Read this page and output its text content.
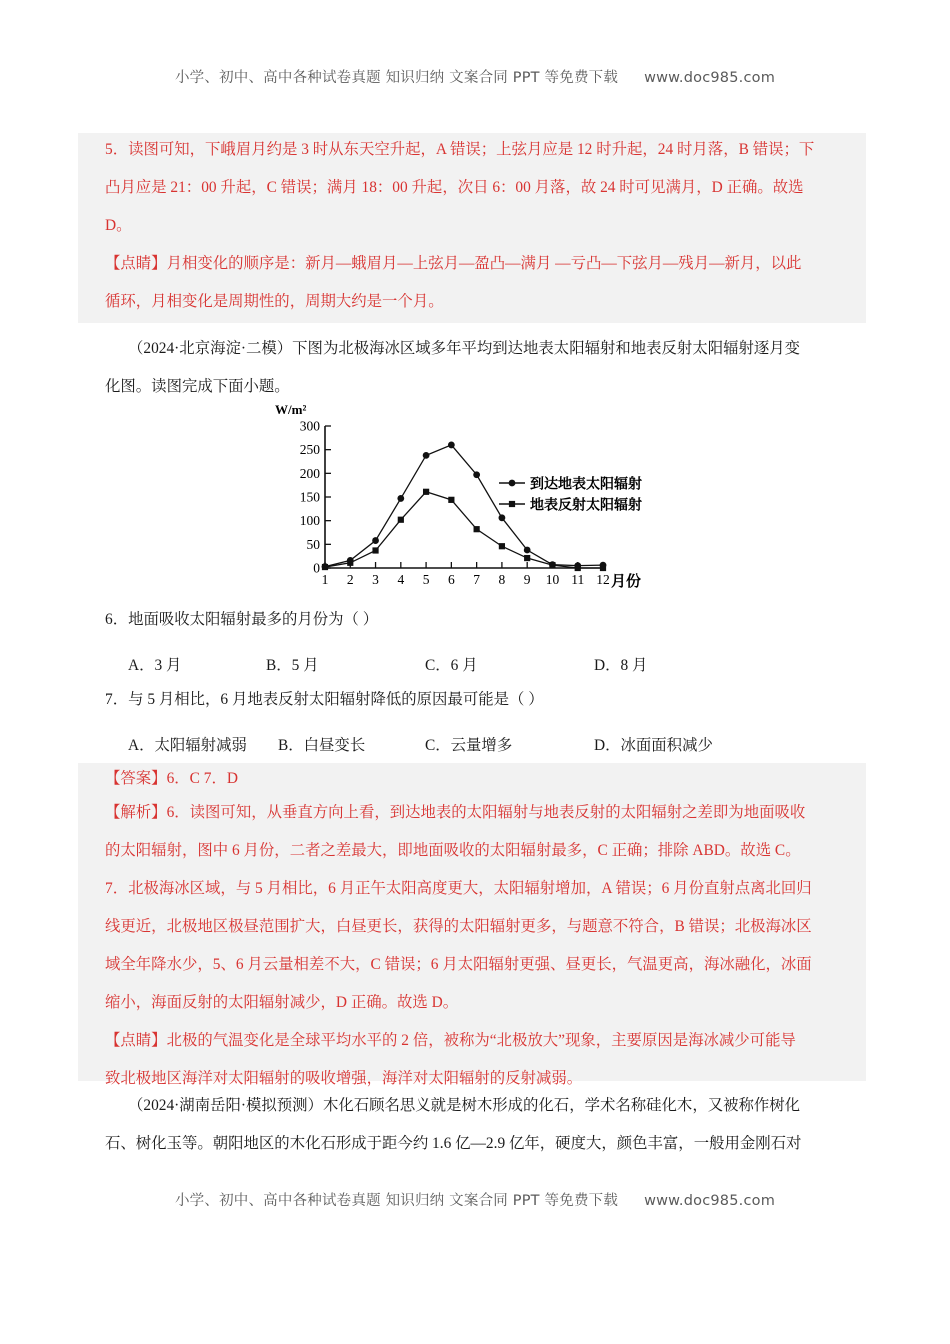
小学、初中、高中各种试卷真题 知识归纳 文案合同 PPT 等免费下载 www.doc985.com
5．读图可知，下峨眉月约是 3 时从东天空升起，A 错误；上弦月应是 12 时升起，24 时月落，B 错误；下
凸月应是 21：00 升起，C 错误；满月 18：00 升起，次日 6：00 月落，故 24 时可见满月，D 正确。故选
D。
【点睛】月相变化的顺序是：新月—蛾眉月—上弦月—盈凸—满月 —亏凸—下弦月—残月—新月，以此
循环，月相变化是周期性的，周期大约是一个月。
（2024·北京海淀·二模）下图为北极海冰区域多年平均到达地表太阳辐射和地表反射太阳辐射逐月变
化图。读图完成下面小题。
W/m²
0
50
100
150
200
250
300
1 2 3 4 5 6 7 8 9 10 11 12 月份
到达地表太阳辐射
地表反射太阳辐射
6．地面吸收太阳辐射最多的月份为（ ）
A．3 月	B．5 月	C．6 月	D．8 月
7．与 5 月相比，6 月地表反射太阳辐射降低的原因最可能是（ ）
A．太阳辐射减弱 B．白昼变长	C．云量增多	D．冰面面积减少
【答案】6．C 7．D
【解析】6．读图可知，从垂直方向上看，到达地表的太阳辐射与地表反射的太阳辐射之差即为地面吸收
的太阳辐射，图中 6 月份，二者之差最大，即地面吸收的太阳辐射最多，C 正确；排除 ABD。故选 C。
7．北极海冰区域，与 5 月相比，6 月正午太阳高度更大，太阳辐射增加，A 错误；6 月份直射点离北回归
线更近，北极地区极昼范围扩大，白昼更长，获得的太阳辐射更多，与题意不符合，B 错误；北极海冰区
域全年降水少，5、6 月云量相差不大，C 错误；6 月太阳辐射更强、昼更长，气温更高，海冰融化，冰面
缩小，海面反射的太阳辐射减少，D 正确。故选 D。
【点睛】北极的气温变化是全球平均水平的 2 倍，被称为“北极放大”现象，主要原因是海冰减少可能导
致北极地区海洋对太阳辐射的吸收增强，海洋对太阳辐射的反射减弱。
（2024·湖南岳阳·模拟预测）木化石顾名思义就是树木形成的化石，学术名称硅化木，又被称作树化
石、树化玉等。朝阳地区的木化石形成于距今约 1.6 亿—2.9 亿年，硬度大，颜色丰富，一般用金刚石对
小学、初中、高中各种试卷真题 知识归纳 文案合同 PPT 等免费下载 www.doc985.com
